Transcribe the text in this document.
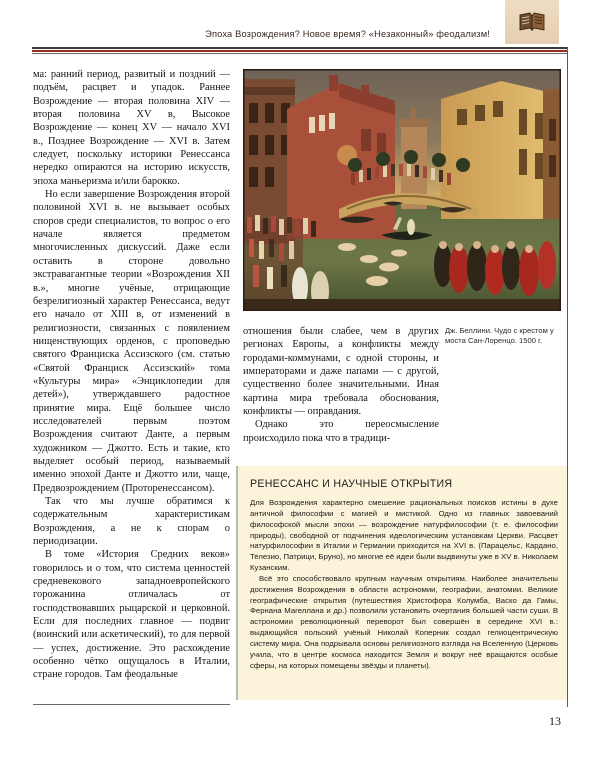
Эпоха Возрождения? Новое время? «Незаконный» феодализм!

ма: ранний период, развитый и поздний — подъём, расцвет и упадок. Раннее Возрождение — вторая половина XIV — вторая половина XV в, Высокое Возрождение — конец XV — начало XVI в., Позднее Возрождение — XVI в. Затем следует, поскольку историки Ренессанса нередко опираются на историю искусств, эпоха маньеризма и/или барокко.

Но если завершение Возрождения второй половиной XVI в. не вызывает особых споров среди специалистов, то вопрос о его начале является предметом многочисленных дискуссий. Даже если оставить в стороне довольно экстравагантные теории «Возрождения XII в.», многие учёные, отрицающие безрелигиозный характер Ренессанса, ведут его начало от XIII в, от изменений в религиозности, связанных с появлением нищенствующих орденов, с проповедью святого Франциска Ассизского (см. статью «Святой Франциск Ассизский» тома «Культуры мира» «Энциклопедии для детей»), утверждавшего радостное принятие мира. Ещё большее число исследователей первым поэтом Возрождения считают Данте, а первым художником — Джотто. Есть и такие, кто выделяет особый период, называемый именно эпохой Данте и Джотто или, чаще, Предвозрождением (Проторенессансом).

Так что мы лучше обратимся к содержательным характеристикам Возрождения, а не к спорам о периодизации.

В томе «История Средних веков» говорилось и о том, что система ценностей средневекового западноевропейского горожанина отличалась от господствовавших рыцарской и церковной. Если для последних главное — подвиг (воинский или аскетический), то для первой — успех, достижение. Это расхождение особенно чётко ощущалось в Италии, стране городов. Там феодальные

Дж. Беллини. Чудо с крестом у моста Сан-Лоренцо. 1500 г.

отношения были слабее, чем в других регионах Европы, а конфликты между городами-коммунами, с одной стороны, и императорами и даже папами — с другой, существенно более значительными. Иная картина мира требовала обоснования, конфликты — оправдания.

Однако это переосмысление происходило пока что в традици-

РЕНЕССАНС И НАУЧНЫЕ ОТКРЫТИЯ

Для Возрождения характерно смешение рациональных поисков истины в духе античной философии с магией и мистикой. Одно из главных завоеваний философской мысли эпохи — возрождение натурфилософии (т. е. философии природы), свободной от подчинения идеологическим установкам Церкви. Расцвет натурфилософии в Италии и Германии приходится на XVI в. (Парацельс, Кардано, Телезио, Патрици, Бруно), но многие её идеи были выдвинуты уже в XV в. Николаем Кузанским.

Всё это способствовало крупным научным открытиям. Наиболее значительны достижения Возрождения в области астрономии, географии, анатомии. Великие географические открытия (путешествия Христофора Колумба, Васко да Гамы, Фернана Магеллана и др.) позволили установить очертания большей части суши. В астрономии революционный переворот был совершён в середине XVI в.: выдающийся польский учёный Николай Коперник создал гелиоцентрическую систему мира. Она подрывала основы религиозного взгляда на Вселенную (Церковь учила, что в центре космоса находится Земля и вокруг неё вращаются особые сферы, на которых помещены звёзды и планеты).

13
